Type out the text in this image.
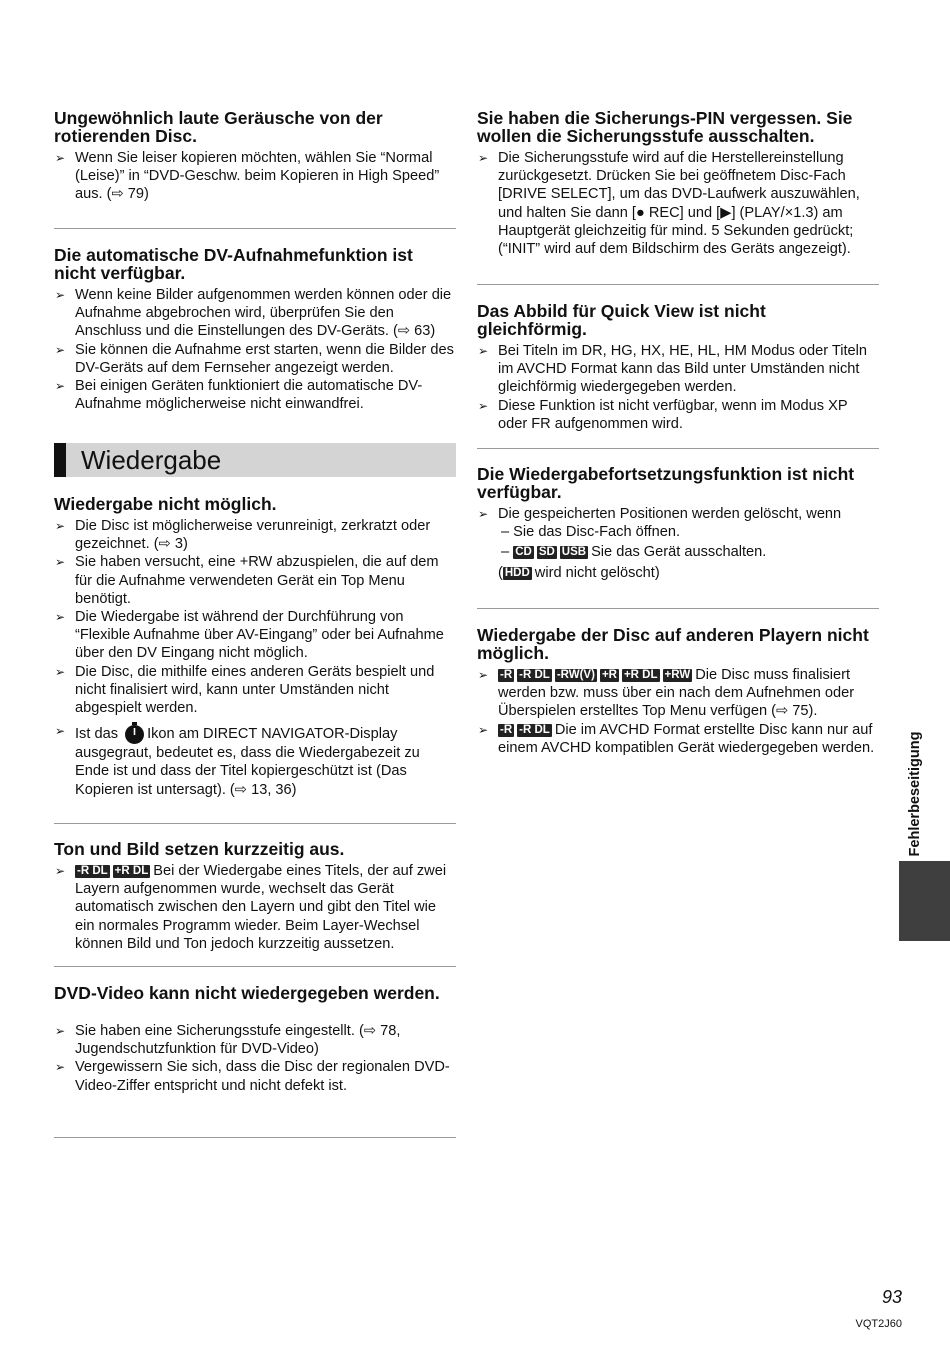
Ungewöhnlich laute Geräusche von der rotierenden Disc.
➢ Wenn Sie leiser kopieren möchten, wählen Sie “Normal (Leise)” in “DVD-Geschw. beim Kopieren in High Speed” aus. (⇨ 79)
Die automatische DV-Aufnahmefunktion ist nicht verfügbar.
➢ Wenn keine Bilder aufgenommen werden können oder die Aufnahme abgebrochen wird, überprüfen Sie den Anschluss und die Einstellungen des DV-Geräts. (⇨ 63)
➢ Sie können die Aufnahme erst starten, wenn die Bilder des DV-Geräts auf dem Fernseher angezeigt werden.
➢ Bei einigen Geräten funktioniert die automatische DV-Aufnahme möglicherweise nicht einwandfrei.
Wiedergabe
Wiedergabe nicht möglich.
➢ Die Disc ist möglicherweise verunreinigt, zerkratzt oder gezeichnet. (⇨ 3)
➢ Sie haben versucht, eine +RW abzuspielen, die auf dem für die Aufnahme verwendeten Gerät ein Top Menu benötigt.
➢ Die Wiedergabe ist während der Durchführung von “Flexible Aufnahme über AV-Eingang” oder bei Aufnahme über den DV Eingang nicht möglich.
➢ Die Disc, die mithilfe eines anderen Geräts bespielt und nicht finalisiert wird, kann unter Umständen nicht abgespielt werden.
➢ Ist das Ikon am DIRECT NAVIGATOR-Display ausgegraut, bedeutet es, dass die Wiedergabezeit zu Ende ist und dass der Titel kopiergeschützt ist (Das Kopieren ist untersagt). (⇨ 13, 36)
Ton und Bild setzen kurzzeitig aus.
➢ -R DL +R DL Bei der Wiedergabe eines Titels, der auf zwei Layern aufgenommen wurde, wechselt das Gerät automatisch zwischen den Layern und gibt den Titel wie ein normales Programm wieder. Beim Layer-Wechsel können Bild und Ton jedoch kurzzeitig aussetzen.
DVD-Video kann nicht wiedergegeben werden.
➢ Sie haben eine Sicherungsstufe eingestellt. (⇨ 78, Jugendschutzfunktion für DVD-Video)
➢ Vergewissern Sie sich, dass die Disc der regionalen DVD-Video-Ziffer entspricht und nicht defekt ist.
Sie haben die Sicherungs-PIN vergessen. Sie wollen die Sicherungsstufe ausschalten.
➢ Die Sicherungsstufe wird auf die Herstellereinstellung zurückgesetzt. Drücken Sie bei geöffnetem Disc-Fach [DRIVE SELECT], um das DVD-Laufwerk auszuwählen, und halten Sie dann [● REC] und [▶] (PLAY/×1.3) am Hauptgerät gleichzeitig für mind. 5 Sekunden gedrückt; (“INIT” wird auf dem Bildschirm des Geräts angezeigt).
Das Abbild für Quick View ist nicht gleichförmig.
➢ Bei Titeln im DR, HG, HX, HE, HL, HM Modus oder Titeln im AVCHD Format kann das Bild unter Umständen nicht gleichförmig wiedergegeben werden.
➢ Diese Funktion ist nicht verfügbar, wenn im Modus XP oder FR aufgenommen wird.
Die Wiedergabefortsetzungsfunktion ist nicht verfügbar.
➢ Die gespeicherten Positionen werden gelöscht, wenn
– Sie das Disc-Fach öffnen.
– CD SD USB Sie das Gerät ausschalten.
( HDD wird nicht gelöscht)
Wiedergabe der Disc auf anderen Playern nicht möglich.
➢ -R -R DL -RW(V) +R +R DL +RW Die Disc muss finalisiert werden bzw. muss über ein nach dem Aufnehmen oder Überspielen erstelltes Top Menu verfügen (⇨ 75).
➢ -R -R DL Die im AVCHD Format erstellte Disc kann nur auf einem AVCHD kompatiblen Gerät wiedergegeben werden.	Fehlerbeseitigung
93
VQT2J60
